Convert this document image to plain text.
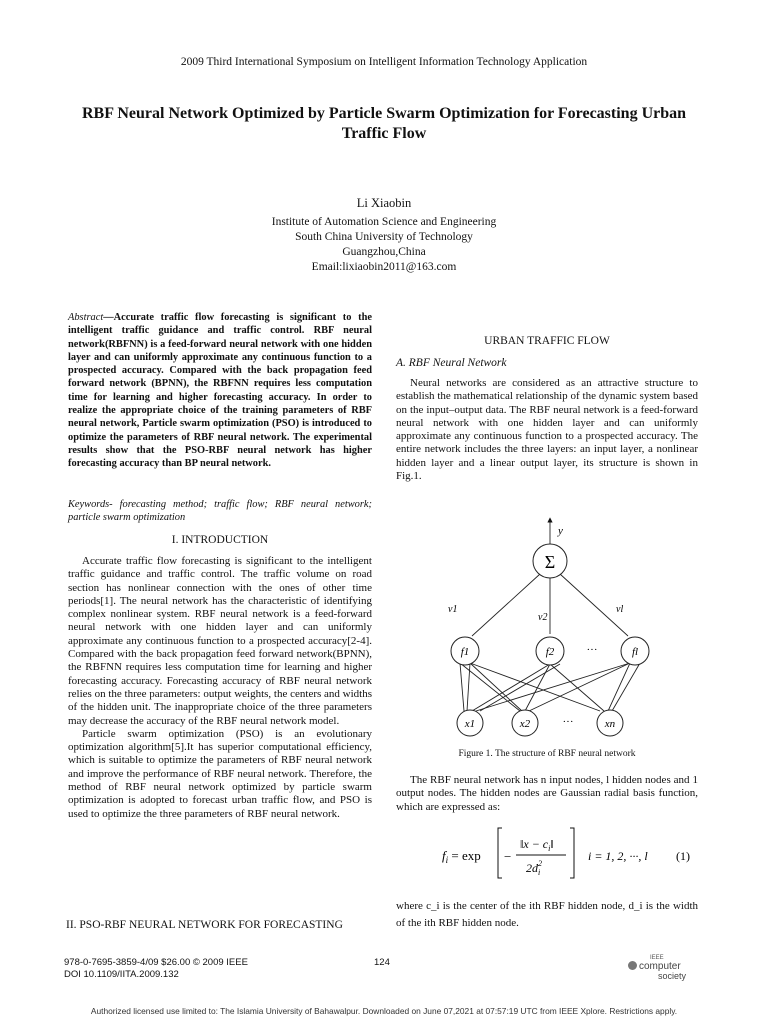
2009 Third International Symposium on Intelligent Information Technology Application
RBF Neural Network Optimized by Particle Swarm Optimization for Forecasting Urban Traffic Flow
Li Xiaobin
Institute of Automation Science and Engineering
South China University of Technology
Guangzhou,China
Email:lixiaobin2011@163.com
Abstract—Accurate traffic flow forecasting is significant to the intelligent traffic guidance and traffic control. RBF neural network(RBFNN) is a feed-forward neural network with one hidden layer and can uniformly approximate any continuous function to a prospected accuracy. Compared with the back propagation feed forward network (BPNN), the RBFNN requires less computation time for learning and higher forecasting accuracy. In order to realize the appropriate choice of the training parameters of RBF neural network, Particle swarm optimization (PSO) is introduced to optimize the parameters of RBF neural network. The experimental results show that the PSO-RBF neural network has higher forecasting accuracy than BP neural network.
Keywords- forecasting method; traffic flow; RBF neural network; particle swarm optimization
I. INTRODUCTION

Accurate traffic flow forecasting is significant to the intelligent traffic guidance and traffic control. The traffic volume on road section has nonlinear connection with the ones of other time periods[1]. The neural network has the characteristic of identifying complex nonlinear system. RBF neural network is a feed-forward neural network with one hidden layer and can uniformly approximate any continuous function to a prospected accuracy[2-4]. Compared with the back propagation feed forward network(BPNN), the RBFNN requires less computation time for learning and higher forecasting accuracy. Forecasting accuracy of RBF neural network relies on the three parameters: output weights, the centers and widths of the hidden unit. The inappropriate choice of the three parameters may decrease the accuracy of the RBF neural network model.

Particle swarm optimization (PSO) is an evolutionary optimization algorithm[5].It has superior computational efficiency, which is suitable to optimize the parameters of RBF neural network and improve the performance of RBF neural network. Therefore, the method of RBF neural network optimized by particle swarm optimization is adopted to forecast urban traffic flow, and PSO is used to optimize the three parameters of RBF neural network.

II. PSO-RBF NEURAL NETWORK FOR FORECASTING
URBAN TRAFFIC FLOW
A. RBF Neural Network

Neural networks are considered as an attractive structure to establish the mathematical relationship of the dynamic system based on the input–output data. The RBF neural network is a feed-forward neural network with one hidden layer and can uniformly approximate any continuous function to a prospected accuracy. The entire network includes the three layers: an input layer, a nonlinear hidden layer and a linear output layer, its structure is shown in Fig.1.

Σ
y
v1
v2
vl
f1	f2	fl
···
x1	x2	xn
···
Figure 1. The structure of RBF neural network

The RBF neural network has n input nodes, l hidden nodes and 1 output nodes. The hidden nodes are Gaussian radial basis function, which are expressed as:

$f_i = \exp$ −
‖x − $c_i‖$
$2d^2$ i
i = 1, 2, ···, l (1)
where c_i is the center of the ith RBF hidden node, d_i is the width of the ith RBF hidden node.
978-0-7695-3859-4/09 $26.00 © 2009 IEEE
DOI 10.1109/IITA.2009.132
124	IEEE
computer
society
Authorized licensed use limited to: The Islamia University of Bahawalpur. Downloaded on June 07,2021 at 07:57:19 UTC from IEEE Xplore. Restrictions apply.
